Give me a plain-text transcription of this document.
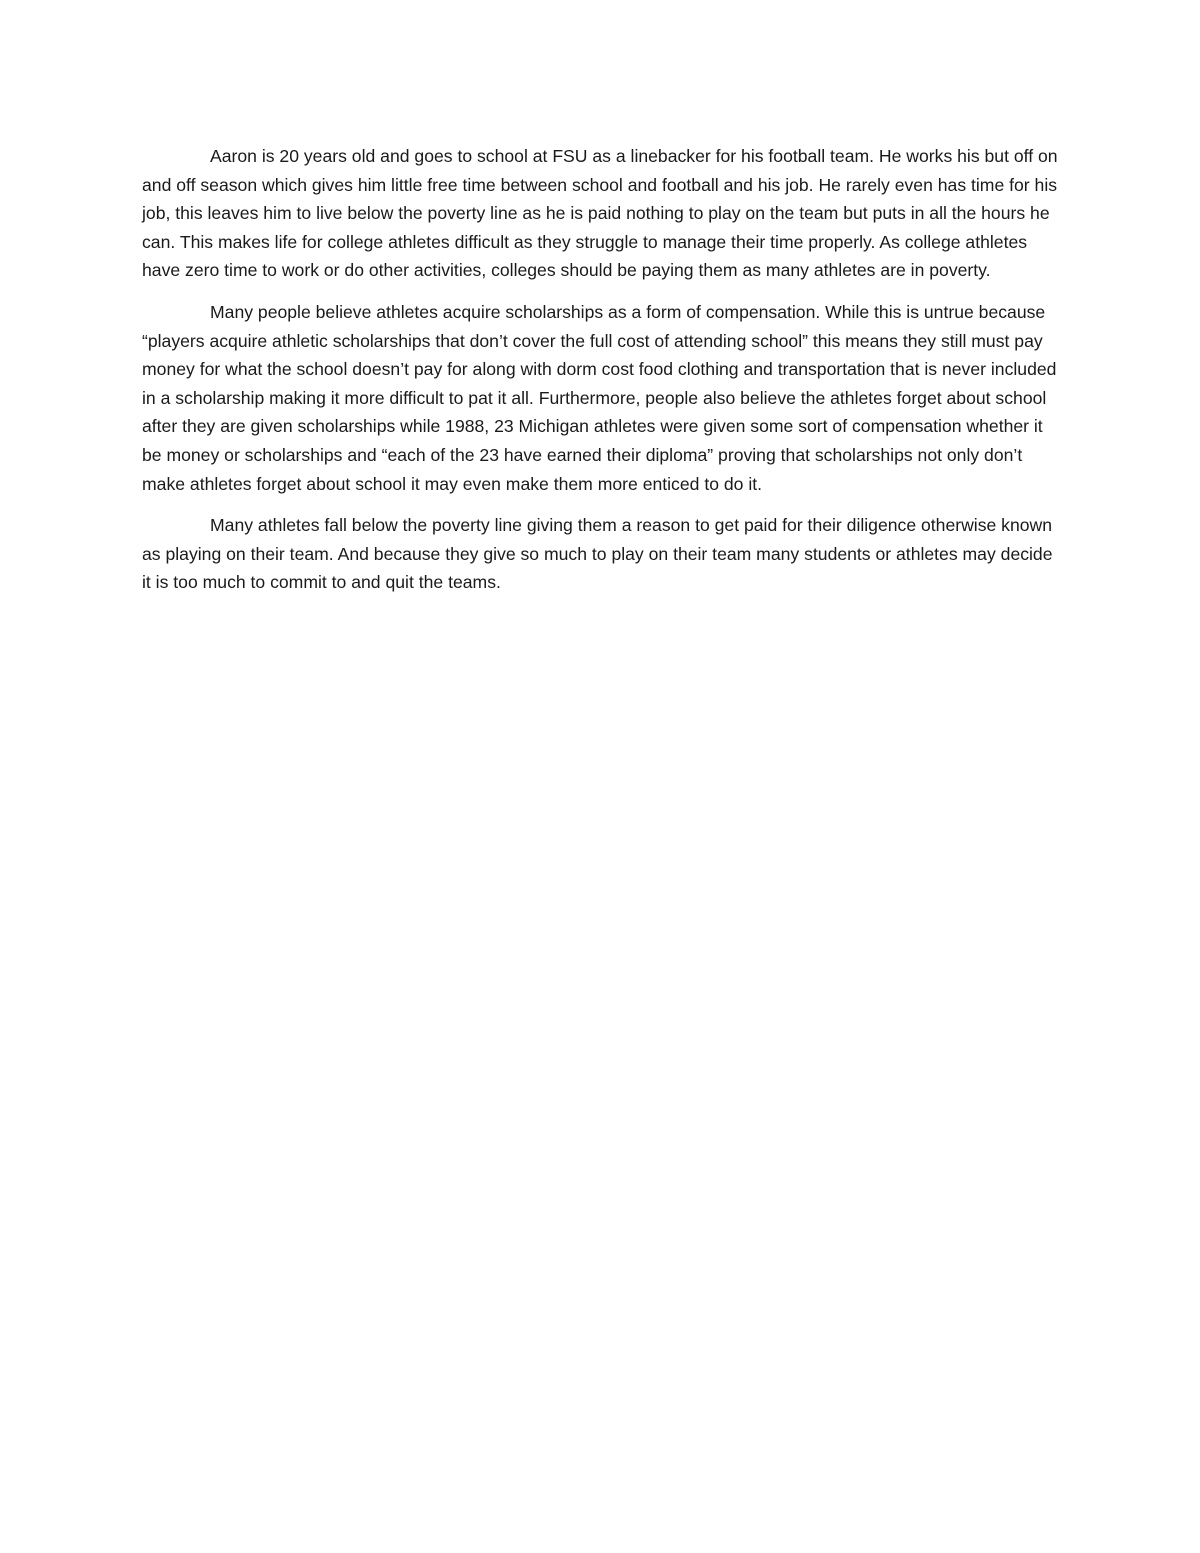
Aaron is 20 years old and goes to school at FSU as a linebacker for his football team. He works his but off on and off season which gives him little free time between school and football and his job. He rarely even has time for his job, this leaves him to live below the poverty line as he is paid nothing to play on the team but puts in all the hours he can. This makes life for college athletes difficult as they struggle to manage their time properly. As college athletes have zero time to work or do other activities, colleges should be paying them as many athletes are in poverty.

Many people believe athletes acquire scholarships as a form of compensation. While this is untrue because “players acquire athletic scholarships that don’t cover the full cost of attending school” this means they still must pay money for what the school doesn’t pay for along with dorm cost food clothing and transportation that is never included in a scholarship making it more difficult to pat it all. Furthermore, people also believe the athletes forget about school after they are given scholarships while 1988, 23 Michigan athletes were given some sort of compensation whether it be money or scholarships and “each of the 23 have earned their diploma” proving that scholarships not only don’t make athletes forget about school it may even make them more enticed to do it.

Many athletes fall below the poverty line giving them a reason to get paid for their diligence otherwise known as playing on their team. And because they give so much to play on their team many students or athletes may decide it is too much to commit to and quit the teams.
